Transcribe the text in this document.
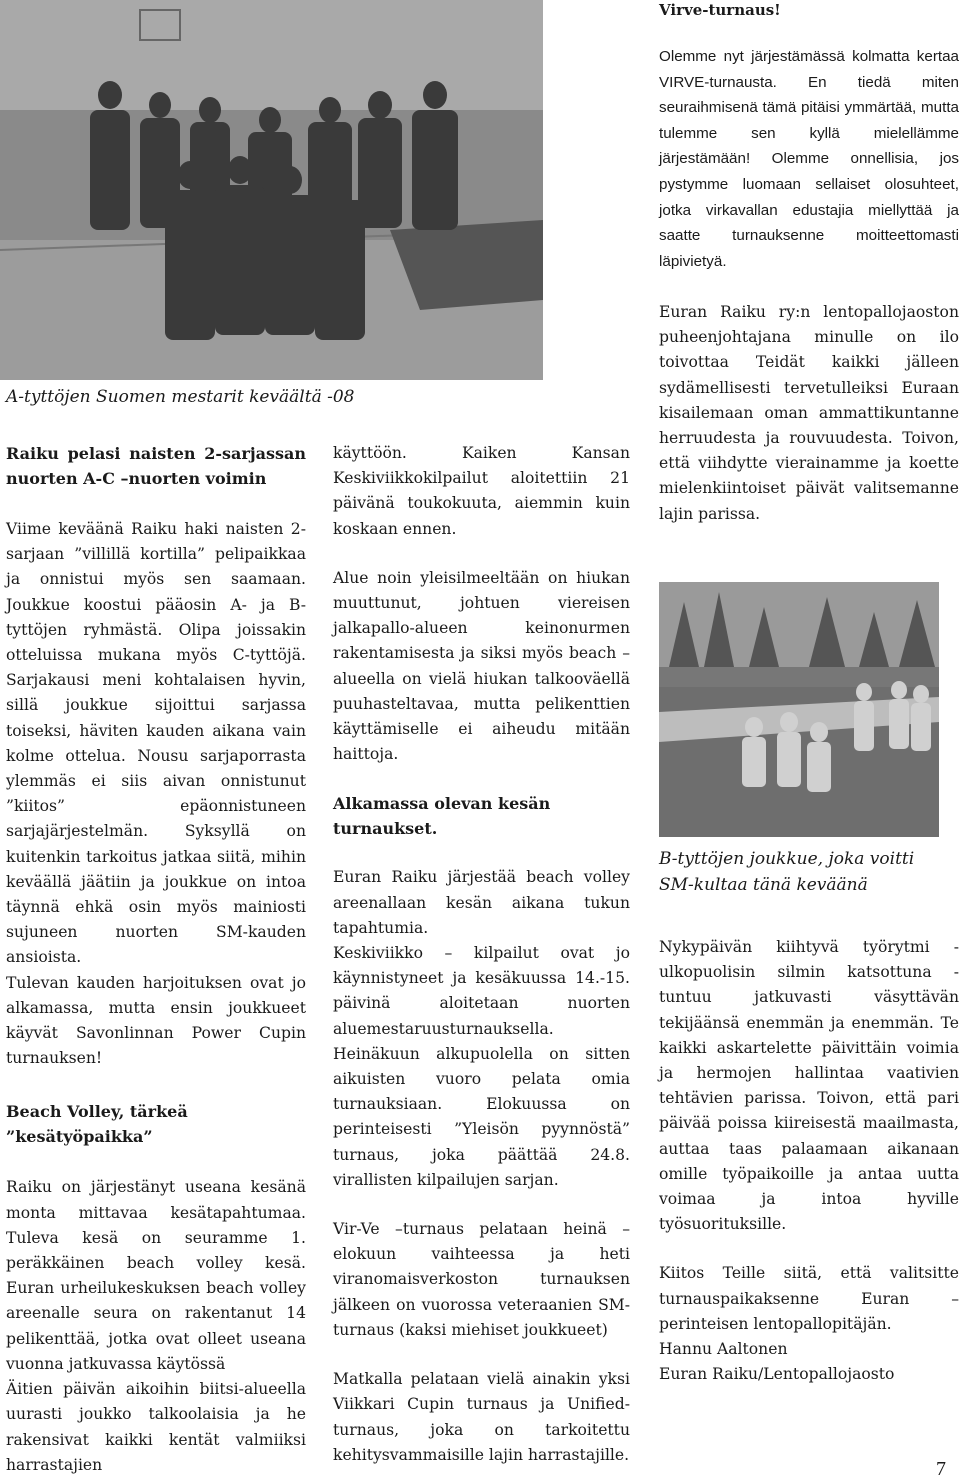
A-tyttöjen Suomen mestarit keväältä -08
Raiku pelasi naisten 2-sarjassan nuorten A-C –nuorten voimin

Viime keväänä Raiku haki naisten 2-sarjaan ”villillä kortilla” pelipaikkaa ja onnistui myös sen saamaan. Joukkue koostui pääosin A- ja B- tyttöjen ryhmästä. Olipa joissakin otteluissa mukana myös C-tyttöjä. Sarjakausi meni kohtalaisen hyvin, sillä joukkue sijoittui sarjassa toiseksi, häviten kauden aikana vain kolme ottelua. Nousu sarjaporrasta ylemmäs ei siis aivan onnistunut ”kiitos” epäonnistuneen sarjajärjestelmän. Syksyllä on kuitenkin tarkoitus jatkaa siitä, mihin keväällä jäätiin ja joukkue on intoa täynnä ehkä osin myös mainiosti sujuneen nuorten SM-kauden ansioista.

Tulevan kauden harjoituksen ovat jo alkamassa, mutta ensin joukkueet käyvät Savonlinnan Power Cupin turnauksen!

Beach Volley, tärkeä ”kesätyöpaikka”

Raiku on järjestänyt useana kesänä monta mittavaa kesätapahtumaa. Tuleva kesä on seuramme 1. peräkkäinen beach volley kesä. Euran urheilukeskuksen beach volley areenalle seura on rakentanut 14 pelikenttää, jotka ovat olleet useana vuonna jatkuvassa käytössä

Äitien päivän aikoihin biitsi-alueella uurasti joukko talkoolaisia ja he rakensivat kaikki kentät valmiiksi harrastajien

käyttöön. Kaiken Kansan Keskiviikkokilpailut aloitettiin 21 päivänä toukokuuta, aiemmin kuin koskaan ennen.

Alue noin yleisilmeeltään on hiukan muuttunut, johtuen viereisen jalkapallo-alueen keinonurmen rakentamisesta ja siksi myös beach – alueella on vielä hiukan talkooväellä puuhasteltavaa, mutta pelikenttien käyttämiselle ei aiheudu mitään haittoja.

Alkamassa olevan kesän turnaukset.

Euran Raiku järjestää beach volley areenallaan kesän aikana tukun tapahtumia.

Keskiviikko – kilpailut ovat jo käynnistyneet ja kesäkuussa 14.-15. päivinä aloitetaan nuorten aluemestaruusturnauksella.

Heinäkuun alkupuolella on sitten aikuisten vuoro pelata omia turnauksiaan. Elokuussa on perinteisesti ”Yleisön pyynnöstä” turnaus, joka päättää 24.8. virallisten kilpailujen sarjan.

Vir-Ve –turnaus pelataan heinä – elokuun vaihteessa ja heti viranomaisverkoston turnauksen jälkeen on vuorossa veteraanien SM-turnaus (kaksi miehiset joukkueet)

Matkalla pelataan vielä ainakin yksi Viikkari Cupin turnaus ja Unified-turnaus, joka on tarkoitettu kehitysvammaisille lajin harrastajille.

Virve-turnaus!

Olemme nyt järjestämässä kolmatta kertaa VIRVE-turnausta. En tiedä miten seuraihmisenä tämä pitäisi ymmärtää, mutta tulemme sen kyllä mielellämme järjestämään! Olemme onnellisia, jos pystymme luomaan sellaiset olosuhteet, jotka virkavallan edustajia miellyttää ja saatte turnauksenne moitteettomasti läpivietyä.

Euran Raiku ry:n lentopallojaoston puheenjohtajana minulle on ilo toivottaa Teidät kaikki jälleen sydämellisesti tervetulleiksi Euraan kisailemaan oman ammattikuntanne herruudesta ja rouvuudesta. Toivon, että viihdytte vierainamme ja koette mielenkiintoiset päivät valitsemanne lajin parissa.

B-tyttöjen joukkue, joka voitti SM-kultaa tänä keväänä

Nykypäivän kiihtyvä työrytmi - ulkopuolisin silmin katsottuna - tuntuu jatkuvasti väsyttävän tekijäänsä enemmän ja enemmän. Te kaikki askartelette päivittäin voimia ja hermojen hallintaa vaativien tehtävien parissa. Toivon, että pari päivää poissa kiireisestä maailmasta, auttaa taas palaamaan aikanaan omille työpaikoille ja antaa uutta voimaa ja intoa hyville työsuorituksille.

Kiitos Teille siitä, että valitsitte turnauspaikaksenne Euran – perinteisen lentopallopitäjän.

Hannu Aaltonen

Euran Raiku/Lentopallojaosto

7
